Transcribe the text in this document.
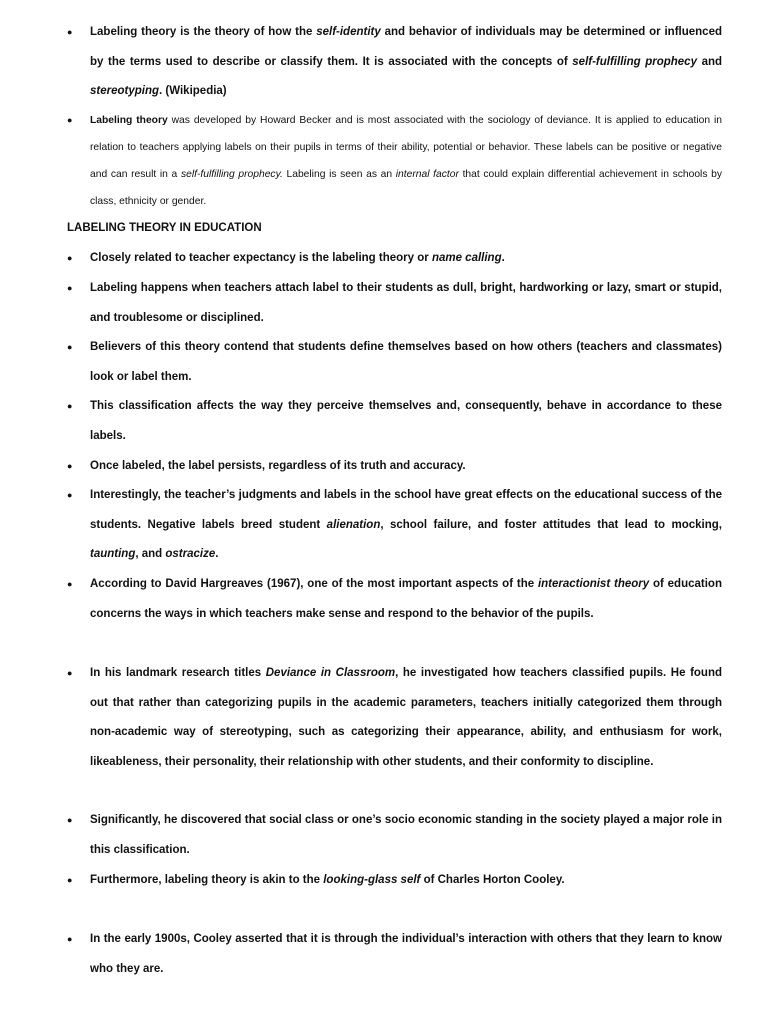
● Labeling theory is the theory of how the self-identity and behavior of individuals may be determined or influenced by the terms used to describe or classify them. It is associated with the concepts of self-fulfilling prophecy and stereotyping. (Wikipedia)
● Labeling theory was developed by Howard Becker and is most associated with the sociology of deviance. It is applied to education in relation to teachers applying labels on their pupils in terms of their ability, potential or behavior. These labels can be positive or negative and can result in a self-fulfilling prophecy. Labeling is seen as an internal factor that could explain differential achievement in schools by class, ethnicity or gender.
LABELING THEORY IN EDUCATION
● Closely related to teacher expectancy is the labeling theory or name calling.
● Labeling happens when teachers attach label to their students as dull, bright, hardworking or lazy, smart or stupid, and troublesome or disciplined.
● Believers of this theory contend that students define themselves based on how others (teachers and classmates) look or label them.
● This classification affects the way they perceive themselves and, consequently, behave in accordance to these labels.
● Once labeled, the label persists, regardless of its truth and accuracy.
● Interestingly, the teacher’s judgments and labels in the school have great effects on the educational success of the students. Negative labels breed student alienation, school failure, and foster attitudes that lead to mocking, taunting, and ostracize.
● According to David Hargreaves (1967), one of the most important aspects of the interactionist theory of education concerns the ways in which teachers make sense and respond to the behavior of the pupils.
● In his landmark research titles Deviance in Classroom, he investigated how teachers classified pupils. He found out that rather than categorizing pupils in the academic parameters, teachers initially categorized them through non-academic way of stereotyping, such as categorizing their appearance, ability, and enthusiasm for work, likeableness, their personality, their relationship with other students, and their conformity to discipline.
● Significantly, he discovered that social class or one’s socio economic standing in the society played a major role in this classification.
● Furthermore, labeling theory is akin to the looking-glass self of Charles Horton Cooley.
● In the early 1900s, Cooley asserted that it is through the individual’s interaction with others that they learn to know who they are.
